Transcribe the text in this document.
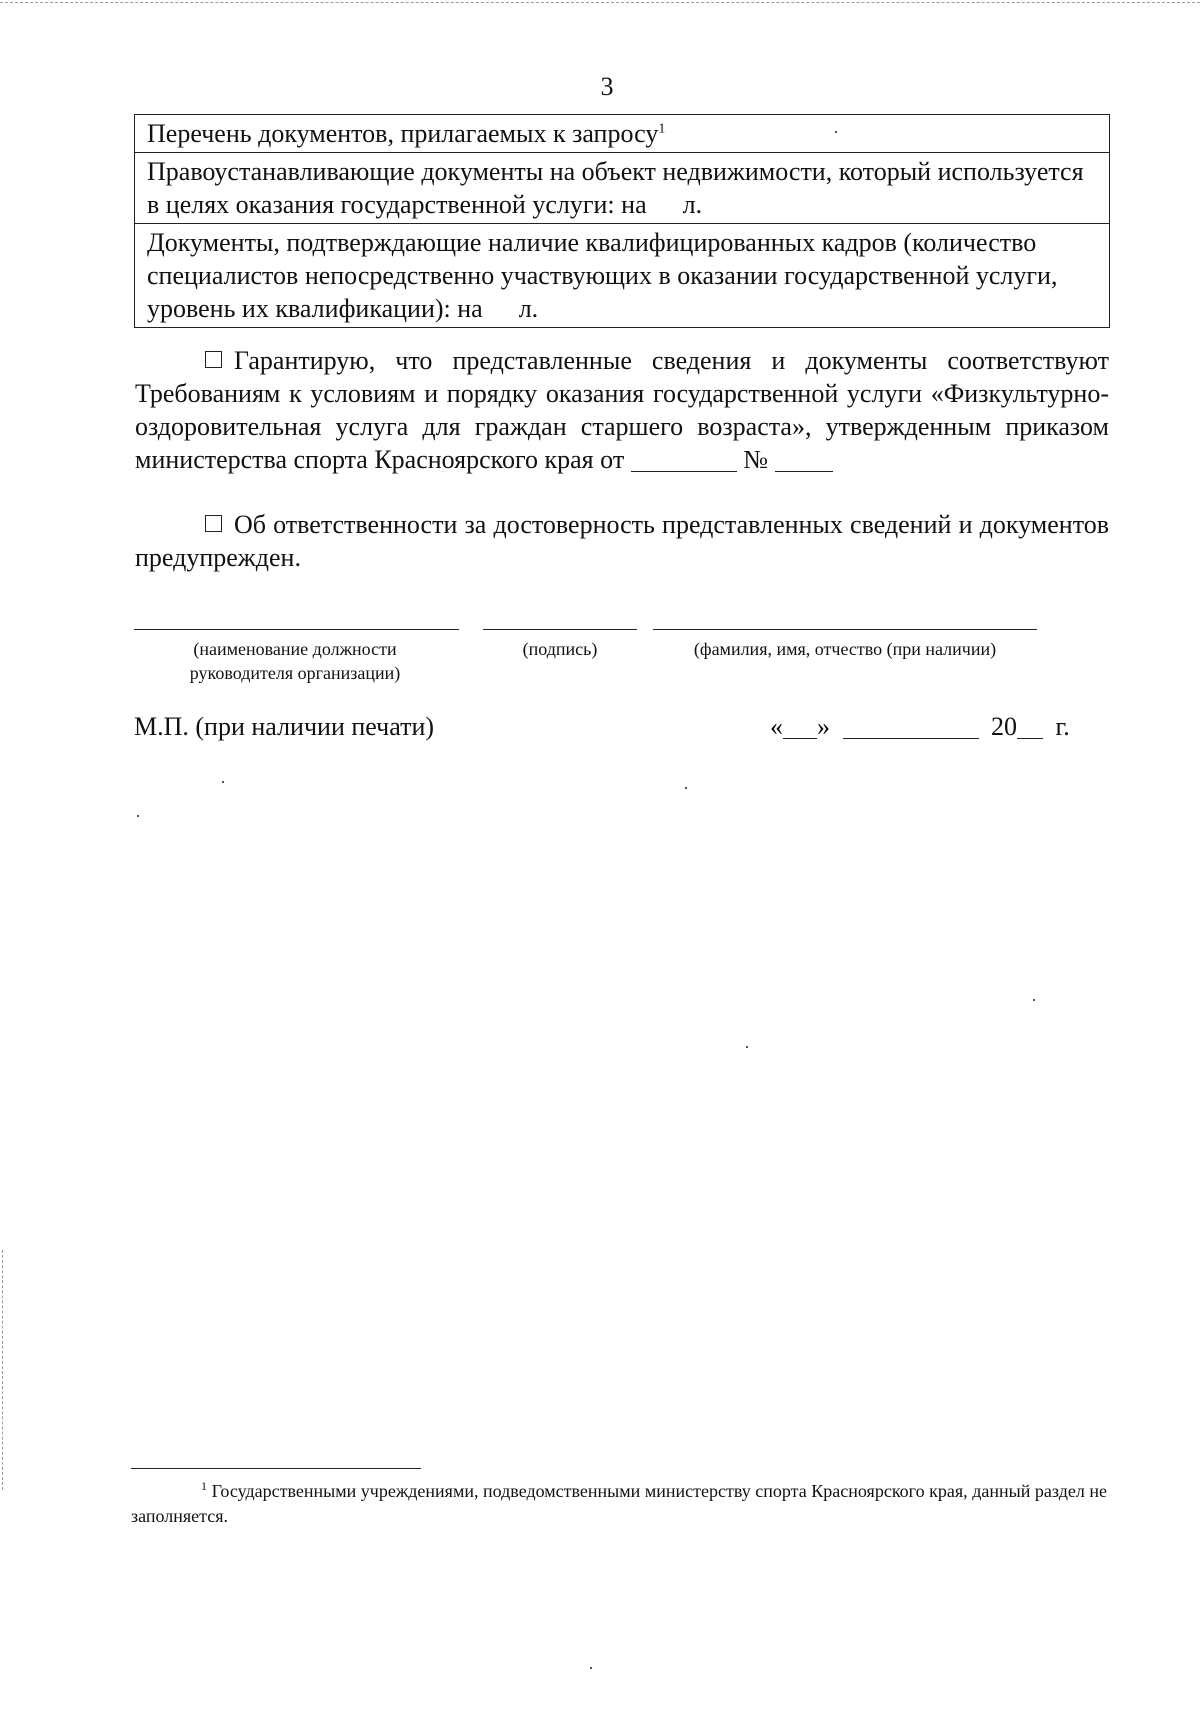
3
Перечень документов, прилагаемых к запросу$^1$
Правоустанавливающие документы на объект недвижимости, который используется в целях оказания государственной услуги: на л.
Документы, подтверждающие наличие квалифицированных кадров (количество специалистов непосредственно участвующих в оказании государственной услуги, уровень их квалификации): на л.
Гарантирую, что представленные сведения и документы соответствуют Требованиям к условиям и порядку оказания государственной услуги «Физкультурно-оздоровительная услуга для граждан старшего возраста», утвержденным приказом министерства спорта Красноярского края от	№
Об ответственности за достоверность представленных сведений и документов предупрежден.
(наименование должности руководителя организации)
(подпись)	(фамилия, имя, отчество (при наличии)
М.П. (при наличии печати)	« »	20 г.
$^1$ Государственными учреждениями, подведомственными министерству спорта Красноярского края, данный раздел не заполняется.
